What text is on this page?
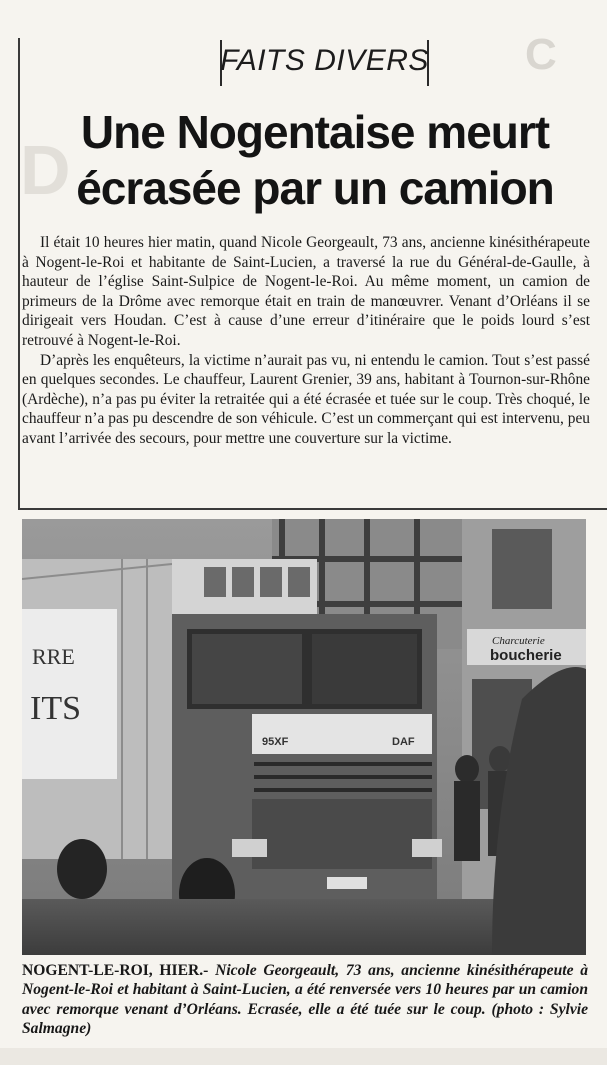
C
D
FAITS DIVERS
Une Nogentaise meurt
écrasée par un camion

Il était 10 heures hier matin, quand Nicole Georgeault, 73 ans, ancienne kinésithérapeute à Nogent-le-Roi et habitante de Saint-Lucien, a traversé la rue du Général-de-Gaulle, à hauteur de l’église Saint-Sulpice de Nogent-le-Roi. Au même moment, un camion de primeurs de la Drôme avec remorque était en train de manœuvrer. Venant d’Orléans il se dirigeait vers Houdan. C’est à cause d’une erreur d’itinéraire que le poids lourd s’est retrouvé à Nogent-le-Roi.

D’après les enquêteurs, la victime n’aurait pas vu, ni entendu le camion. Tout s’est passé en quelques secondes. Le chauffeur, Laurent Grenier, 39 ans, habitant à Tournon-sur-Rhône (Ardèche), n’a pas pu éviter la retraitée qui a été écrasée et tuée sur le coup. Très choqué, le chauffeur n’a pas pu descendre de son véhicule. C’est un commerçant qui est intervenu, peu avant l’arrivée des secours, pour mettre une couverture sur la victime.

Charcuterie
boucherie
RRE
ITS
95XF	DAF
NOGENT-LE-ROI, HIER.- Nicole Georgeault, 73 ans, ancienne kinésithérapeute à Nogent-le-Roi et habitant à Saint-Lucien, a été renversée vers 10 heures par un camion avec remorque venant d’Orléans. Ecrasée, elle a été tuée sur le coup. (photo : Sylvie Salmagne)
